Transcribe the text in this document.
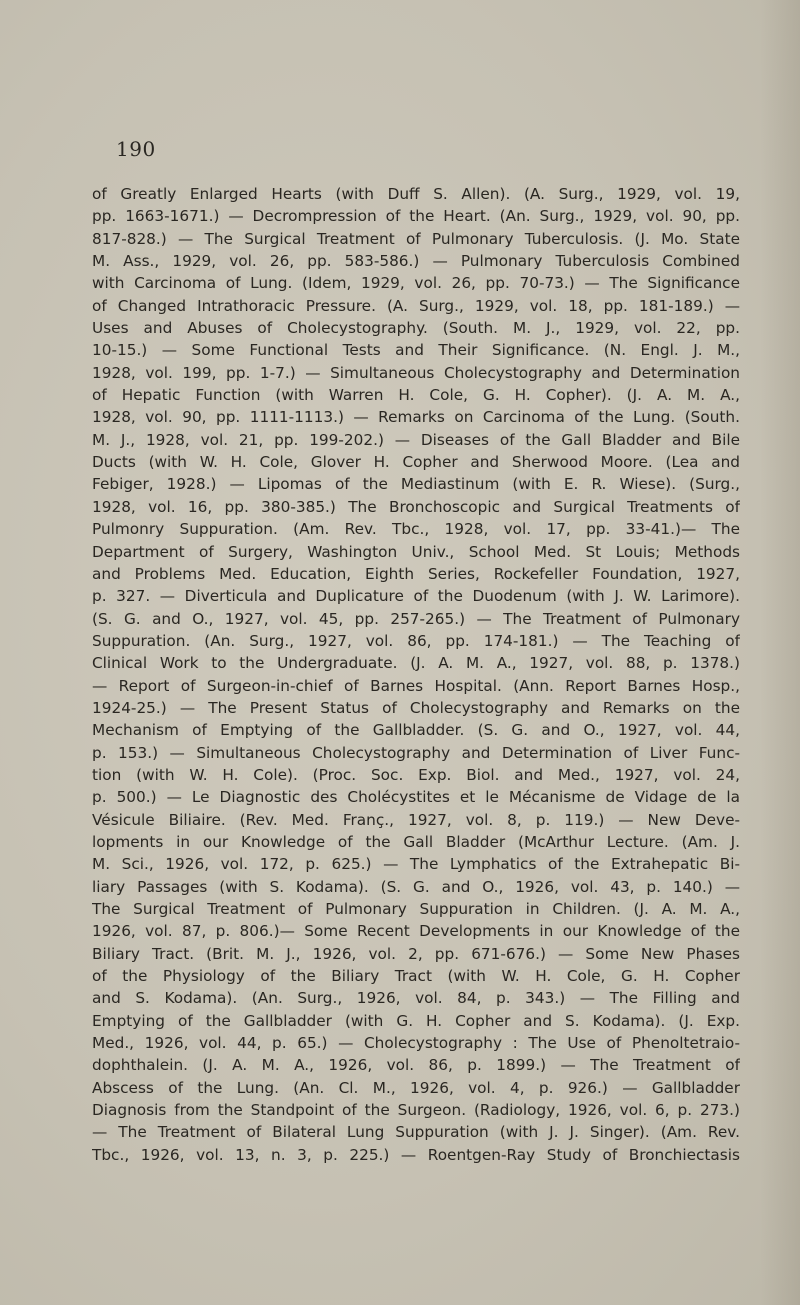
190
of Greatly Enlarged Hearts (with Duff S. Allen). (A. Surg., 1929, vol. 19,
pp. 1663-1671.) — Decrompression of the Heart. (An. Surg., 1929, vol. 90, pp.
817-828.) — The Surgical Treatment of Pulmonary Tuberculosis. (J. Mo. State
M. Ass., 1929, vol. 26, pp. 583-586.) — Pulmonary Tuberculosis Combined
with Carcinoma of Lung. (Idem, 1929, vol. 26, pp. 70-73.) — The Significance
of Changed Intrathoracic Pressure. (A. Surg., 1929, vol. 18, pp. 181-189.) —
Uses and Abuses of Cholecystography. (South. M. J., 1929, vol. 22, pp.
10-15.) — Some Functional Tests and Their Significance. (N. Engl. J. M.,
1928, vol. 199, pp. 1-7.) — Simultaneous Cholecystography and Determination
of Hepatic Function (with Warren H. Cole, G. H. Copher). (J. A. M. A.,
1928, vol. 90, pp. 1111-1113.) — Remarks on Carcinoma of the Lung. (South.
M. J., 1928, vol. 21, pp. 199-202.) — Diseases of the Gall Bladder and Bile
Ducts (with W. H. Cole, Glover H. Copher and Sherwood Moore. (Lea and
Febiger, 1928.) — Lipomas of the Mediastinum (with E. R. Wiese). (Surg.,
1928, vol. 16, pp. 380-385.) The Bronchoscopic and Surgical Treatments of
Pulmonry Suppuration. (Am. Rev. Tbc., 1928, vol. 17, pp. 33-41.)— The
Department of Surgery, Washington Univ., School Med. St Louis; Methods
and Problems Med. Education, Eighth Series, Rockefeller Foundation, 1927,
p. 327. — Diverticula and Duplicature of the Duodenum (with J. W. Larimore).
(S. G. and O., 1927, vol. 45, pp. 257-265.) — The Treatment of Pulmonary
Suppuration. (An. Surg., 1927, vol. 86, pp. 174-181.) — The Teaching of
Clinical Work to the Undergraduate. (J. A. M. A., 1927, vol. 88, p. 1378.)
— Report of Surgeon-in-chief of Barnes Hospital. (Ann. Report Barnes Hosp.,
1924-25.) — The Present Status of Cholecystography and Remarks on the
Mechanism of Emptying of the Gallbladder. (S. G. and O., 1927, vol. 44,
p. 153.) — Simultaneous Cholecystography and Determination of Liver Func-
tion (with W. H. Cole). (Proc. Soc. Exp. Biol. and Med., 1927, vol. 24,
p. 500.) — Le Diagnostic des Cholécystites et le Mécanisme de Vidage de la
Vésicule Biliaire. (Rev. Med. Franç., 1927, vol. 8, p. 119.) — New Deve-
lopments in our Knowledge of the Gall Bladder (McArthur Lecture. (Am. J.
M. Sci., 1926, vol. 172, p. 625.) — The Lymphatics of the Extrahepatic Bi-
liary Passages (with S. Kodama). (S. G. and O., 1926, vol. 43, p. 140.) —
The Surgical Treatment of Pulmonary Suppuration in Children. (J. A. M. A.,
1926, vol. 87, p. 806.)— Some Recent Developments in our Knowledge of the
Biliary Tract. (Brit. M. J., 1926, vol. 2, pp. 671-676.) — Some New Phases
of the Physiology of the Biliary Tract (with W. H. Cole, G. H. Copher
and S. Kodama). (An. Surg., 1926, vol. 84, p. 343.) — The Filling and
Emptying of the Gallbladder (with G. H. Copher and S. Kodama). (J. Exp.
Med., 1926, vol. 44, p. 65.) — Cholecystography : The Use of Phenoltetraio-
dophthalein. (J. A. M. A., 1926, vol. 86, p. 1899.) — The Treatment of
Abscess of the Lung. (An. Cl. M., 1926, vol. 4, p. 926.) — Gallbladder
Diagnosis from the Standpoint of the Surgeon. (Radiology, 1926, vol. 6, p. 273.)
— The Treatment of Bilateral Lung Suppuration (with J. J. Singer). (Am. Rev.
Tbc., 1926, vol. 13, n. 3, p. 225.) — Roentgen-Ray Study of Bronchiectasis
